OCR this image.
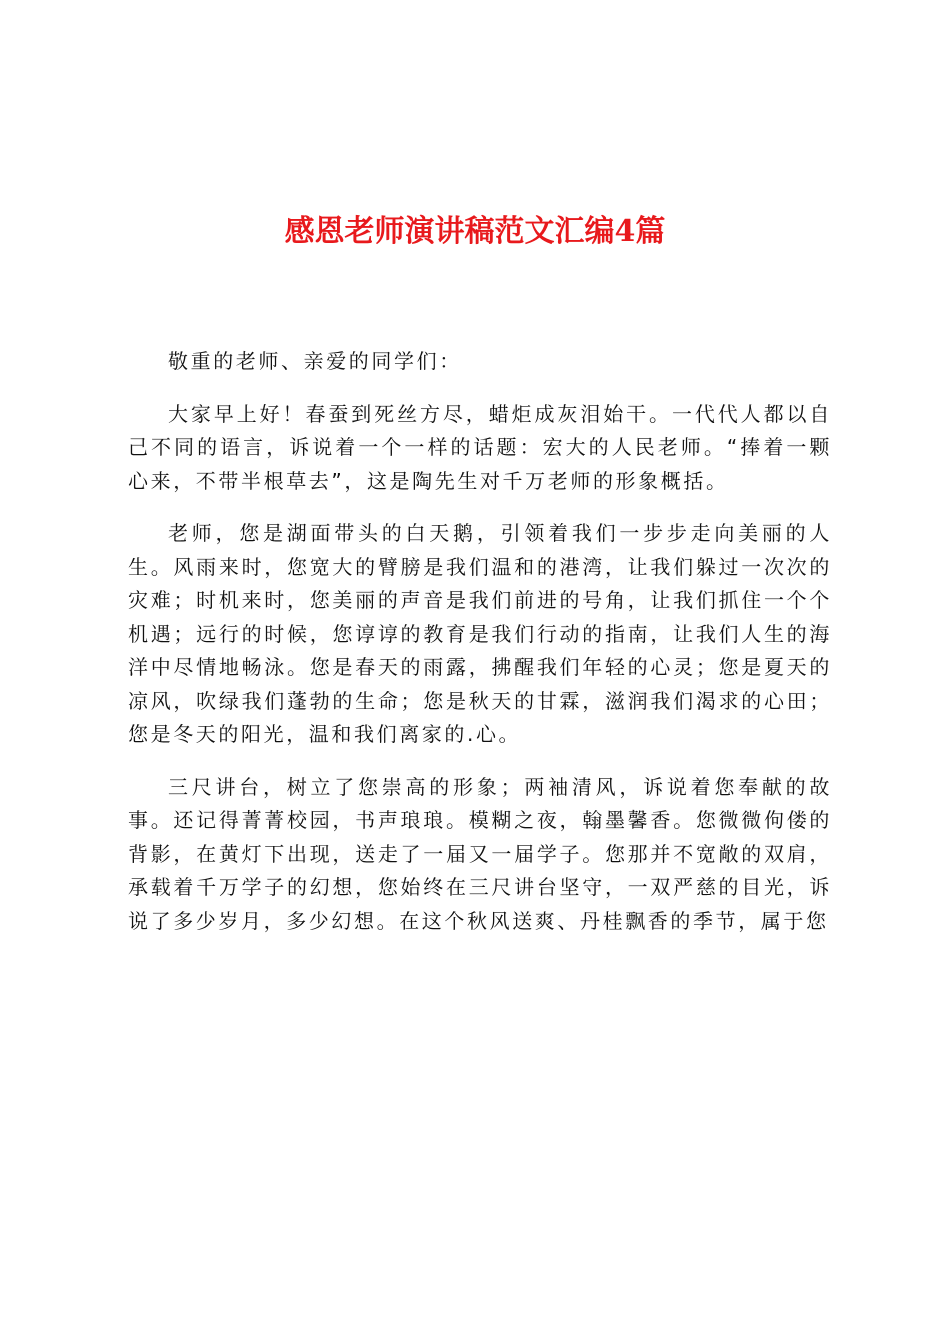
感恩老师演讲稿范文汇编4篇

敬重的老师、亲爱的同学们：

大家早上好！春蚕到死丝方尽，蜡炬成灰泪始干。一代代人都以自己不同的语言，诉说着一个一样的话题：宏大的人民老师。“捧着一颗心来，不带半根草去”，这是陶先生对千万老师的形象概括。

老师，您是湖面带头的白天鹅，引领着我们一步步走向美丽的人生。风雨来时，您宽大的臂膀是我们温和的港湾，让我们躲过一次次的灾难；时机来时，您美丽的声音是我们前进的号角，让我们抓住一个个机遇；远行的时候，您谆谆的教育是我们行动的指南，让我们人生的海洋中尽情地畅泳。您是春天的雨露，拂醒我们年轻的心灵；您是夏天的凉风，吹绿我们蓬勃的生命；您是秋天的甘霖，滋润我们渴求的心田；您是冬天的阳光，温和我们离家的.心。

三尺讲台，树立了您崇高的形象；两袖清风，诉说着您奉献的故事。还记得菁菁校园，书声琅琅。模糊之夜，翰墨馨香。您微微佝偻的背影，在黄灯下出现，送走了一届又一届学子。您那并不宽敞的双肩，承载着千万学子的幻想，您始终在三尺讲台坚守，一双严慈的目光，诉说了多少岁月，多少幻想。在这个秋风送爽、丹桂飘香的季节，属于您
